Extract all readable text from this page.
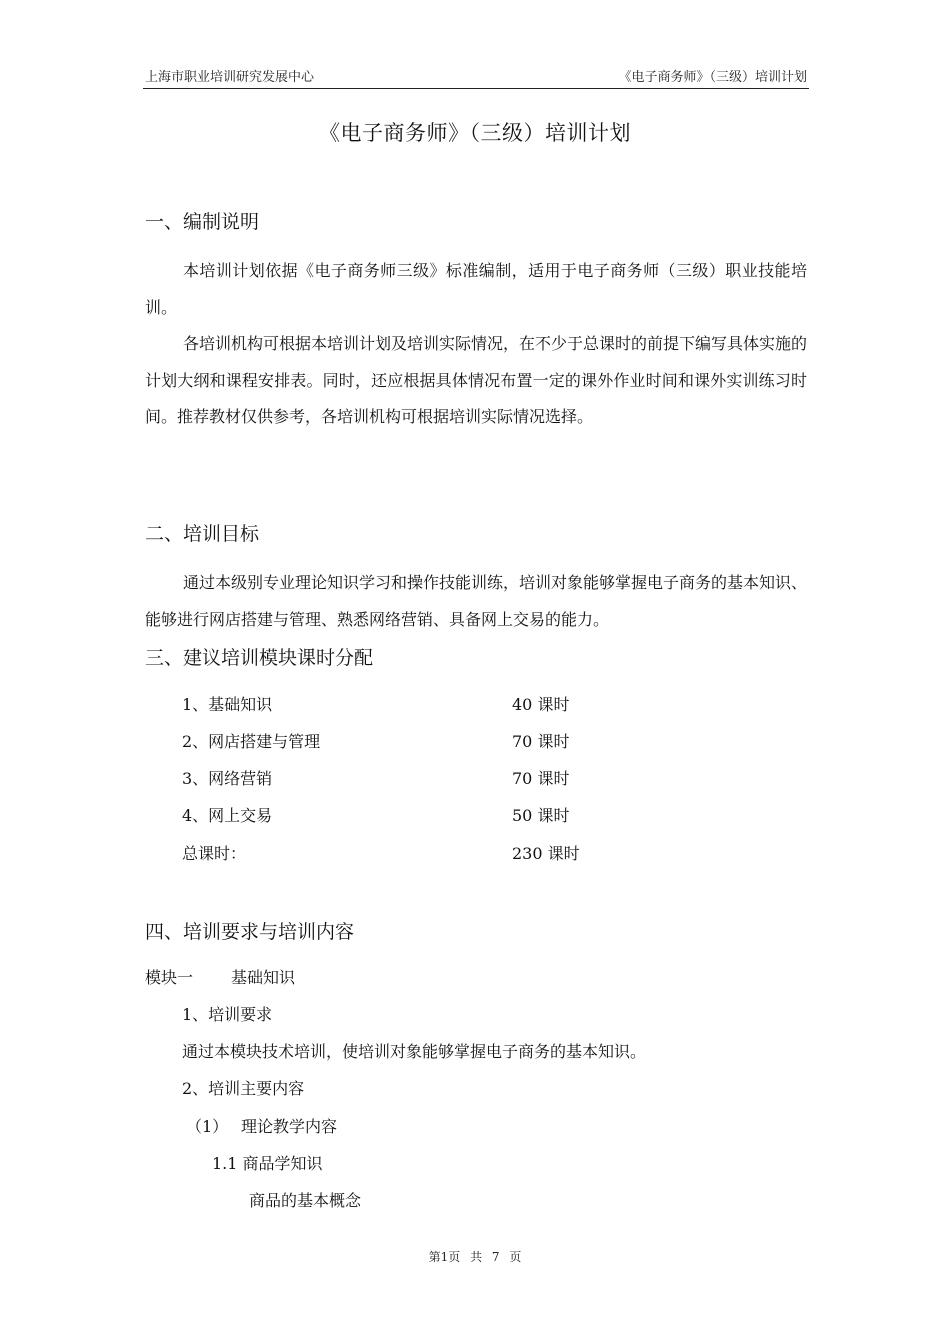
上海市职业培训研究发展中心	《电子商务师》（三级）培训计划
《电子商务师》（三级）培训计划
一、编制说明

本培训计划依据《电子商务师三级》标准编制，适用于电子商务师（三级）职业技能培训。

各培训机构可根据本培训计划及培训实际情况，在不少于总课时的前提下编写具体实施的计划大纲和课程安排表。同时，还应根据具体情况布置一定的课外作业时间和课外实训练习时间。推荐教材仅供参考，各培训机构可根据培训实际情况选择。

二、培训目标

通过本级别专业理论知识学习和操作技能训练，培训对象能够掌握电子商务的基本知识、能够进行网店搭建与管理、熟悉网络营销、具备网上交易的能力。

三、建议培训模块课时分配
1、基础知识	40 课时
2、网店搭建与管理	70 课时
3、网络营销	70 课时
4、网上交易	50 课时
总课时：	230 课时
四、培训要求与培训内容
模块一 基础知识
1、培训要求
通过本模块技术培训，使培训对象能够掌握电子商务的基本知识。
2、培训主要内容
（1） 理论教学内容
1.1 商品学知识
商品的基本概念
第1页 共 7 页
